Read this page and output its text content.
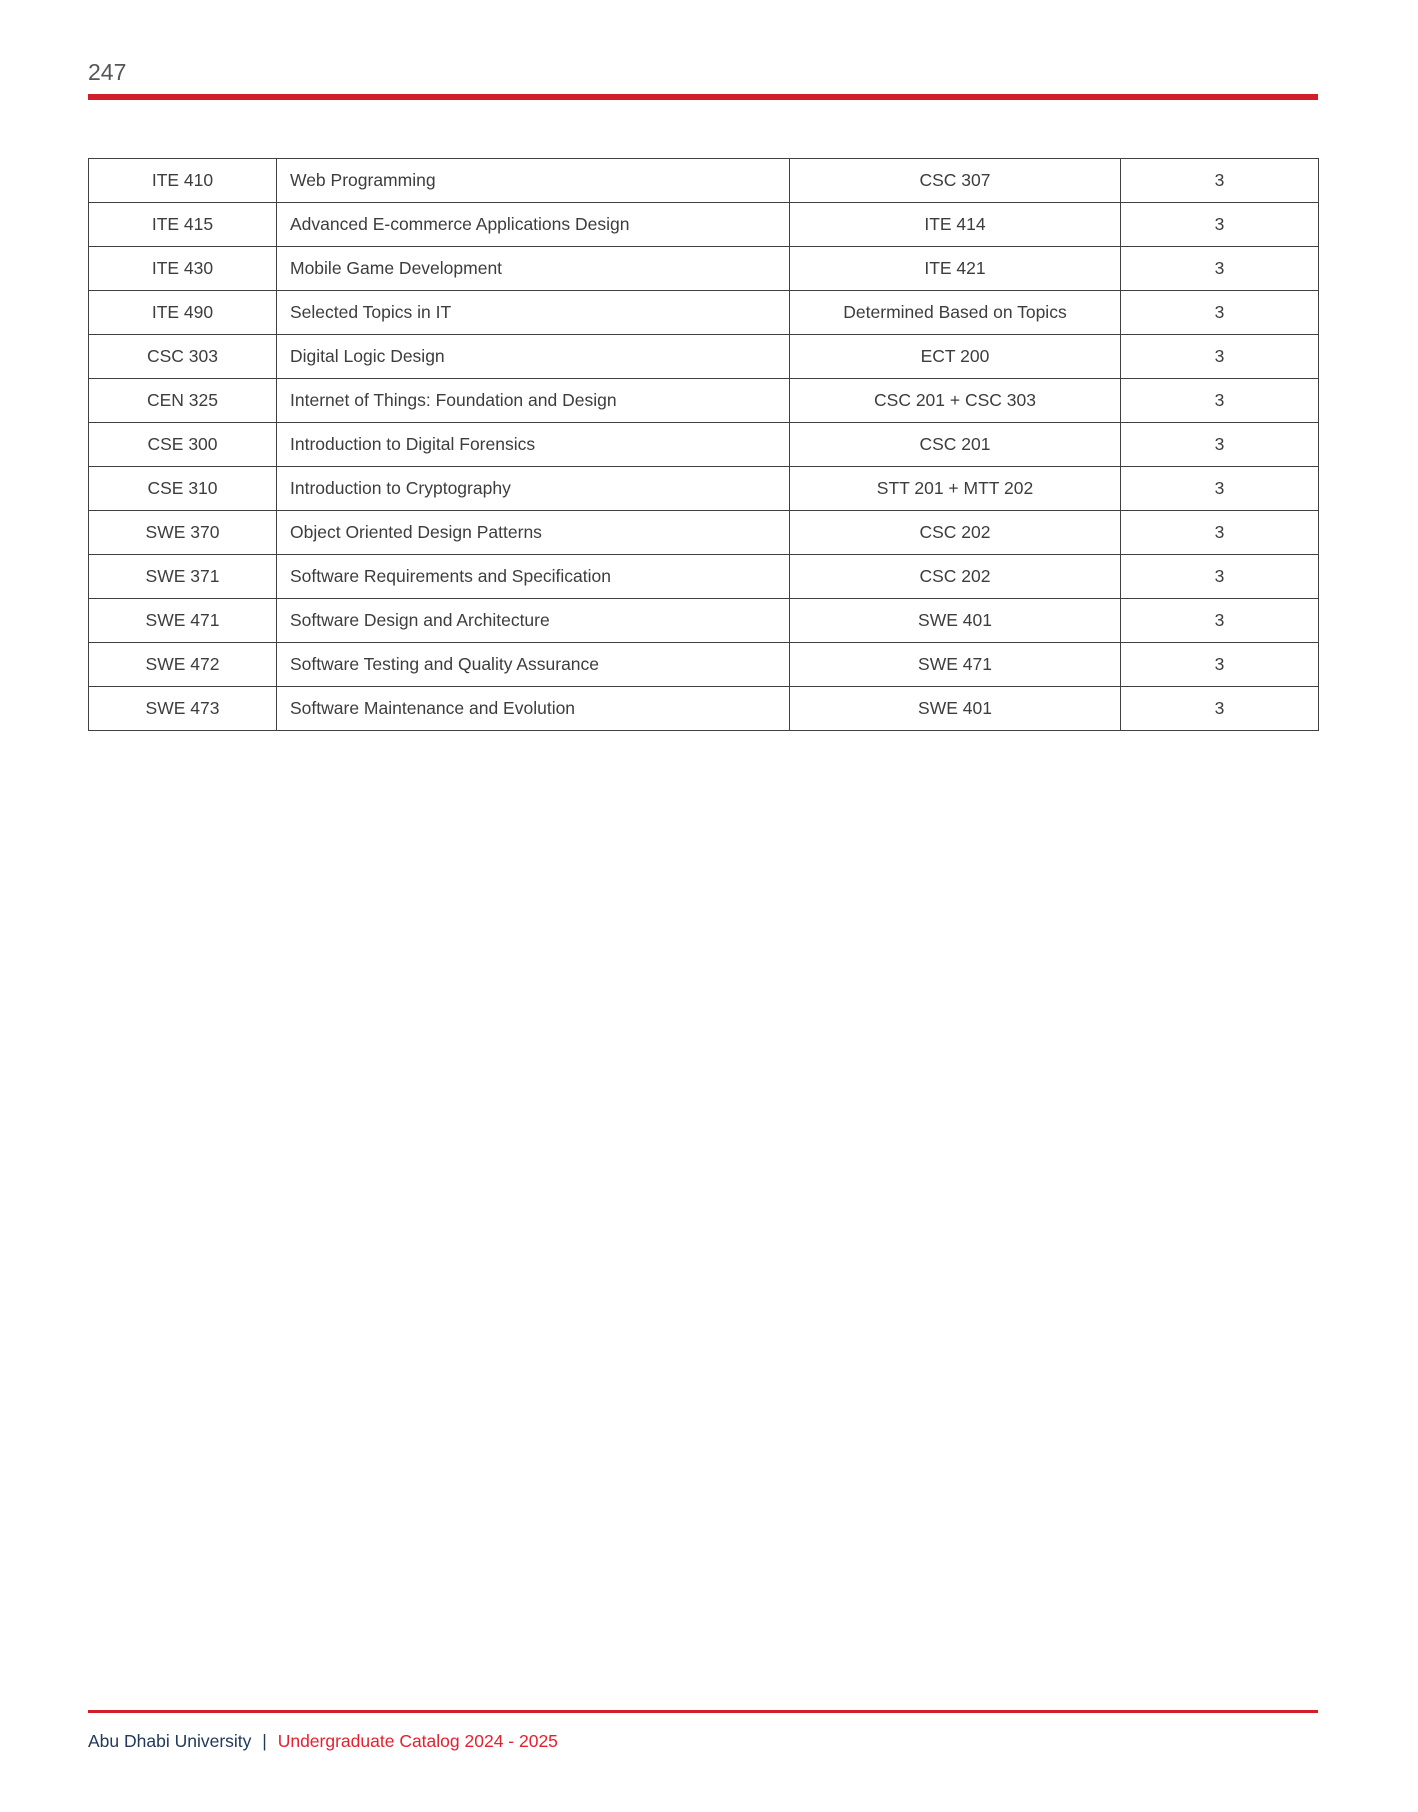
247
ITE 410	Web Programming	CSC 307	3
ITE 415	Advanced E-commerce Applications Design	ITE 414	3
ITE 430	Mobile Game Development	ITE 421	3
ITE 490	Selected Topics in IT	Determined Based on Topics	3
CSC 303	Digital Logic Design	ECT 200	3
CEN 325	Internet of Things: Foundation and Design	CSC 201 + CSC 303	3
CSE 300	Introduction to Digital Forensics	CSC 201	3
CSE 310	Introduction to Cryptography	STT 201 + MTT 202	3
SWE 370	Object Oriented Design Patterns	CSC 202	3
SWE 371	Software Requirements and Specification	CSC 202	3
SWE 471	Software Design and Architecture	SWE 401	3
SWE 472	Software Testing and Quality Assurance	SWE 471	3
SWE 473	Software Maintenance and Evolution	SWE 401	3
Abu Dhabi University | Undergraduate Catalog 2024 - 2025
